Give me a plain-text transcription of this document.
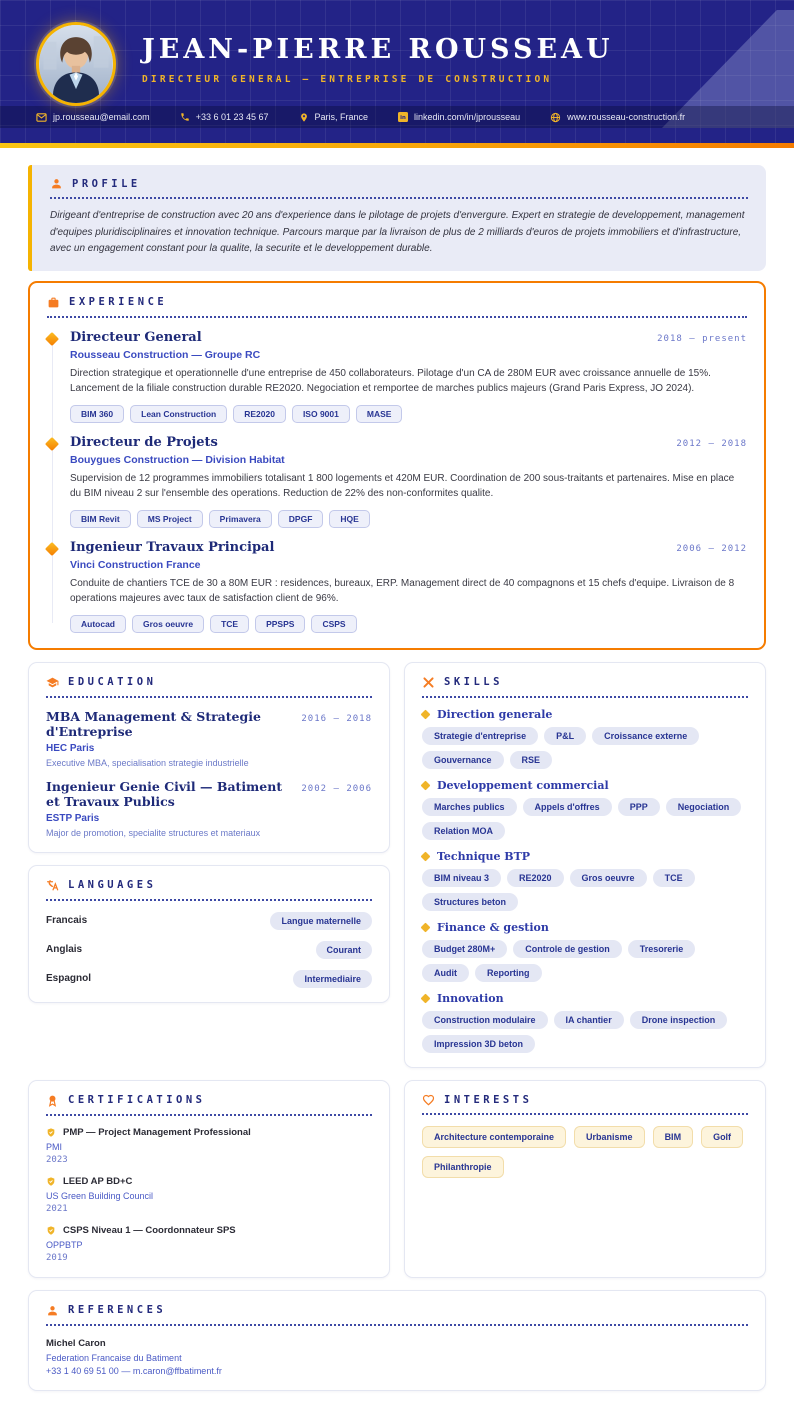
JEAN-PIERRE ROUSSEAU
DIRECTEUR GENERAL — ENTREPRISE DE CONSTRUCTION
jp.rousseau@email.com	+33 6 01 23 45 67	Paris, France in linkedin.com/in/jprousseau	www.rousseau-construction.fr
PROFILE

Dirigeant d'entreprise de construction avec 20 ans d'experience dans le pilotage de projets d'envergure. Expert en strategie de developpement, management d'equipes pluridisciplinaires et innovation technique. Parcours marque par la livraison de plus de 2 milliards d'euros de projets immobiliers et d'infrastructure, avec un engagement constant pour la qualite, la securite et le developpement durable.

EXPERIENCE
Directeur General	2018 — present
Rousseau Construction — Groupe RC
Direction strategique et operationnelle d'une entreprise de 450 collaborateurs. Pilotage d'un CA de 280M EUR avec croissance annuelle de 15%. Lancement de la filiale construction durable RE2020. Negociation et remportee de marches publics majeurs (Grand Paris Express, JO 2024).
BIM 360	Lean Construction	RE2020	ISO 9001	MASE
Directeur de Projets	2012 — 2018
Bouygues Construction — Division Habitat
Supervision de 12 programmes immobiliers totalisant 1 800 logements et 420M EUR. Coordination de 200 sous-traitants et partenaires. Mise en place du BIM niveau 2 sur l'ensemble des operations. Reduction de 22% des non-conformites qualite.
BIM Revit	MS Project	Primavera	DPGF	HQE
Ingenieur Travaux Principal	2006 — 2012
Vinci Construction France
Conduite de chantiers TCE de 30 a 80M EUR : residences, bureaux, ERP. Management direct de 40 compagnons et 15 chefs d'equipe. Livraison de 8 operations majeures avec taux de satisfaction client de 96%.
Autocad	Gros oeuvre	TCE	PPSPS	CSPS
EDUCATION
MBA Management & Strategie d'Entreprise
2016 — 2018
HEC Paris
Executive MBA, specialisation strategie industrielle
Ingenieur Genie Civil — Batiment et Travaux Publics
2002 — 2006
ESTP Paris
Major de promotion, specialite structures et materiaux
LANGUAGES
Francais	Langue maternelle
Anglais	Courant
Espagnol	Intermediaire
SKILLS
Direction generale
Strategie d'entreprise	P&L	Croissance externe
Gouvernance	RSE
Developpement commercial
Marches publics	Appels d'offres	PPP	Negociation
Relation MOA
Technique BTP
BIM niveau 3	RE2020	Gros oeuvre	TCE
Structures beton
Finance & gestion
Budget 280M+	Controle de gestion	Tresorerie
Audit	Reporting
Innovation
Construction modulaire	IA chantier	Drone inspection
Impression 3D beton
CERTIFICATIONS
PMP — Project Management Professional
PMI
2023
LEED AP BD+C
US Green Building Council
2021
CSPS Niveau 1 — Coordonnateur SPS
OPPBTP
2019
INTERESTS
Architecture contemporaine	Urbanisme	BIM	Golf
Philanthropie
REFERENCES
Michel Caron
Federation Francaise du Batiment
+33 1 40 69 51 00 — m.caron@ffbatiment.fr
